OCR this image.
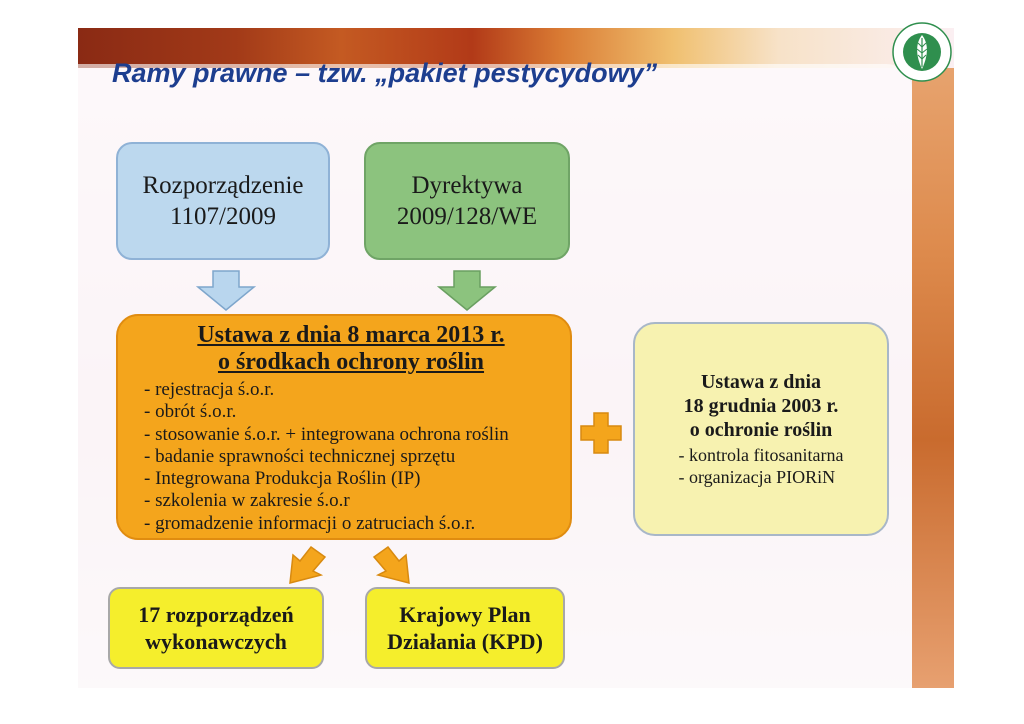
Ramy prawne – tzw. „pakiet pestycydowy”
Rozporządzenie
1107/2009
Dyrektywa
2009/128/WE
Ustawa z dnia 8 marca 2013 r.
o środkach ochrony roślin
- rejestracja ś.o.r.
- obrót ś.o.r.
- stosowanie ś.o.r. + integrowana ochrona roślin
- badanie sprawności technicznej sprzętu
- Integrowana Produkcja Roślin (IP)
- szkolenia w zakresie ś.o.r
- gromadzenie informacji o zatruciach ś.o.r.
Ustawa z dnia
18 grudnia 2003 r.
o ochronie roślin
- kontrola fitosanitarna
- organizacja PIORiN
17 rozporządzeń
wykonawczych
Krajowy Plan
Działania (KPD)
